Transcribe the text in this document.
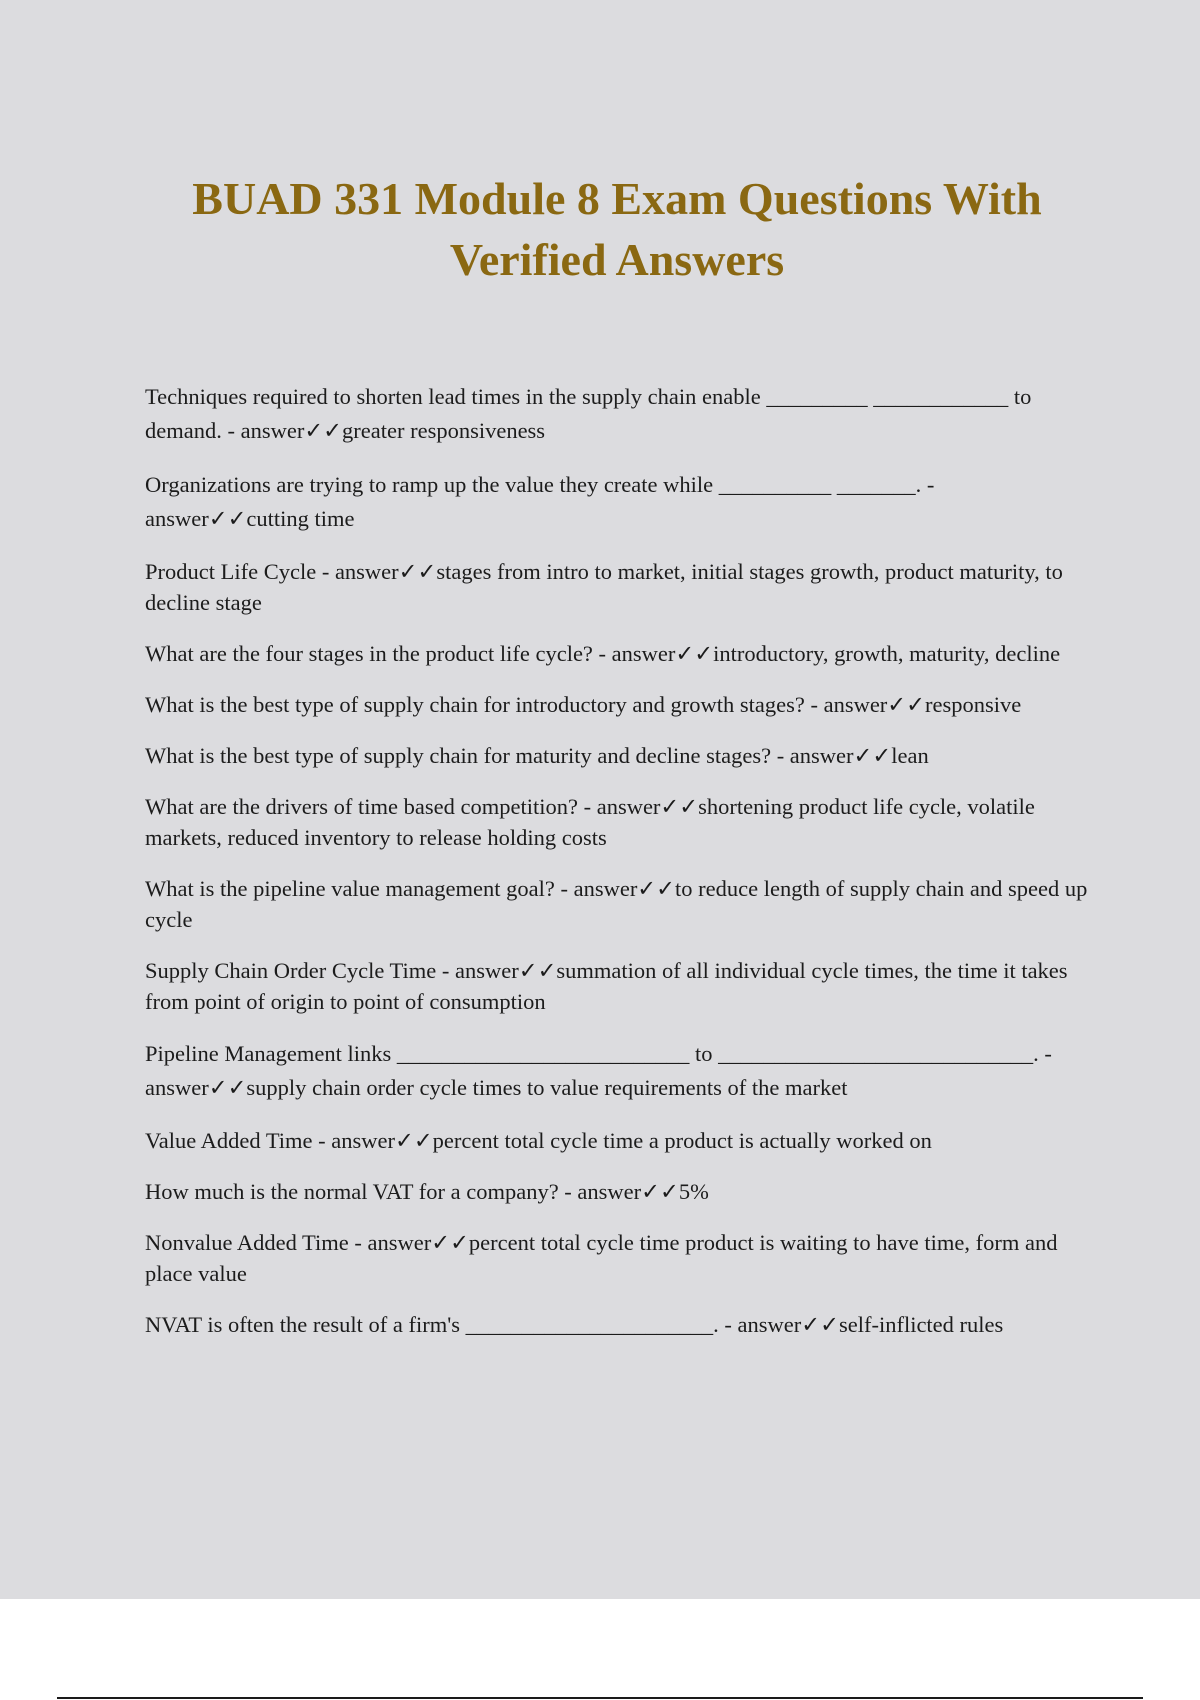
BUAD 331 Module 8 Exam Questions With Verified Answers
Techniques required to shorten lead times in the supply chain enable _________ ____________ to demand. - answer✓✓greater responsiveness
Organizations are trying to ramp up the value they create while __________ _______. - answer✓✓cutting time
Product Life Cycle - answer✓✓stages from intro to market, initial stages growth, product maturity, to decline stage
What are the four stages in the product life cycle? - answer✓✓introductory, growth, maturity, decline
What is the best type of supply chain for introductory and growth stages? - answer✓✓responsive
What is the best type of supply chain for maturity and decline stages? - answer✓✓lean
What are the drivers of time based competition? - answer✓✓shortening product life cycle, volatile markets, reduced inventory to release holding costs
What is the pipeline value management goal? - answer✓✓to reduce length of supply chain and speed up cycle
Supply Chain Order Cycle Time - answer✓✓summation of all individual cycle times, the time it takes from point of origin to point of consumption
Pipeline Management links __________________________ to ____________________________. - answer✓✓supply chain order cycle times to value requirements of the market
Value Added Time - answer✓✓percent total cycle time a product is actually worked on
How much is the normal VAT for a company? - answer✓✓5%
Nonvalue Added Time - answer✓✓percent total cycle time product is waiting to have time, form and place value
NVAT is often the result of a firm's ______________________. - answer✓✓self-inflicted rules
